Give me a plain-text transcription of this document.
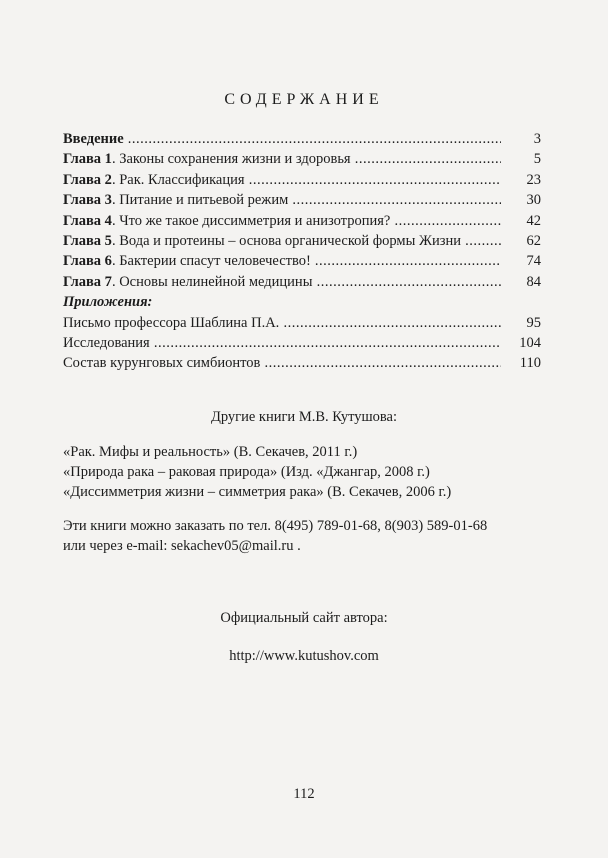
СОДЕРЖАНИЕ
Введение .....	3
Глава 1. Законы сохранения жизни и здоровья .....	5
Глава 2. Рак. Классификация .....	23
Глава 3. Питание и питьевой режим .....	30
Глава 4. Что же такое диссимметрия и анизотропия? .....	42
Глава 5. Вода и протеины – основа органической формы Жизни .....	62
Глава 6. Бактерии спасут человечество! .....	74
Глава 7. Основы нелинейной медицины .....	84
Приложения:
Письмо профессора Шаблина П.А. .....	95
Исследования .....	104
Состав курунговых симбионтов .....	110
Другие книги М.В. Кутушова:
«Рак. Мифы и реальность» (В. Секачев, 2011 г.)
«Природа рака – раковая природа» (Изд. «Джангар, 2008 г.)
«Диссимметрия жизни – симметрия рака» (В. Секачев, 2006 г.)
Эти книги можно заказать по тел. 8(495) 789-01-68, 8(903) 589-01-68
или через e-mail: sekachev05@mail.ru .
Официальный сайт автора:
http://www.kutushov.com
112
